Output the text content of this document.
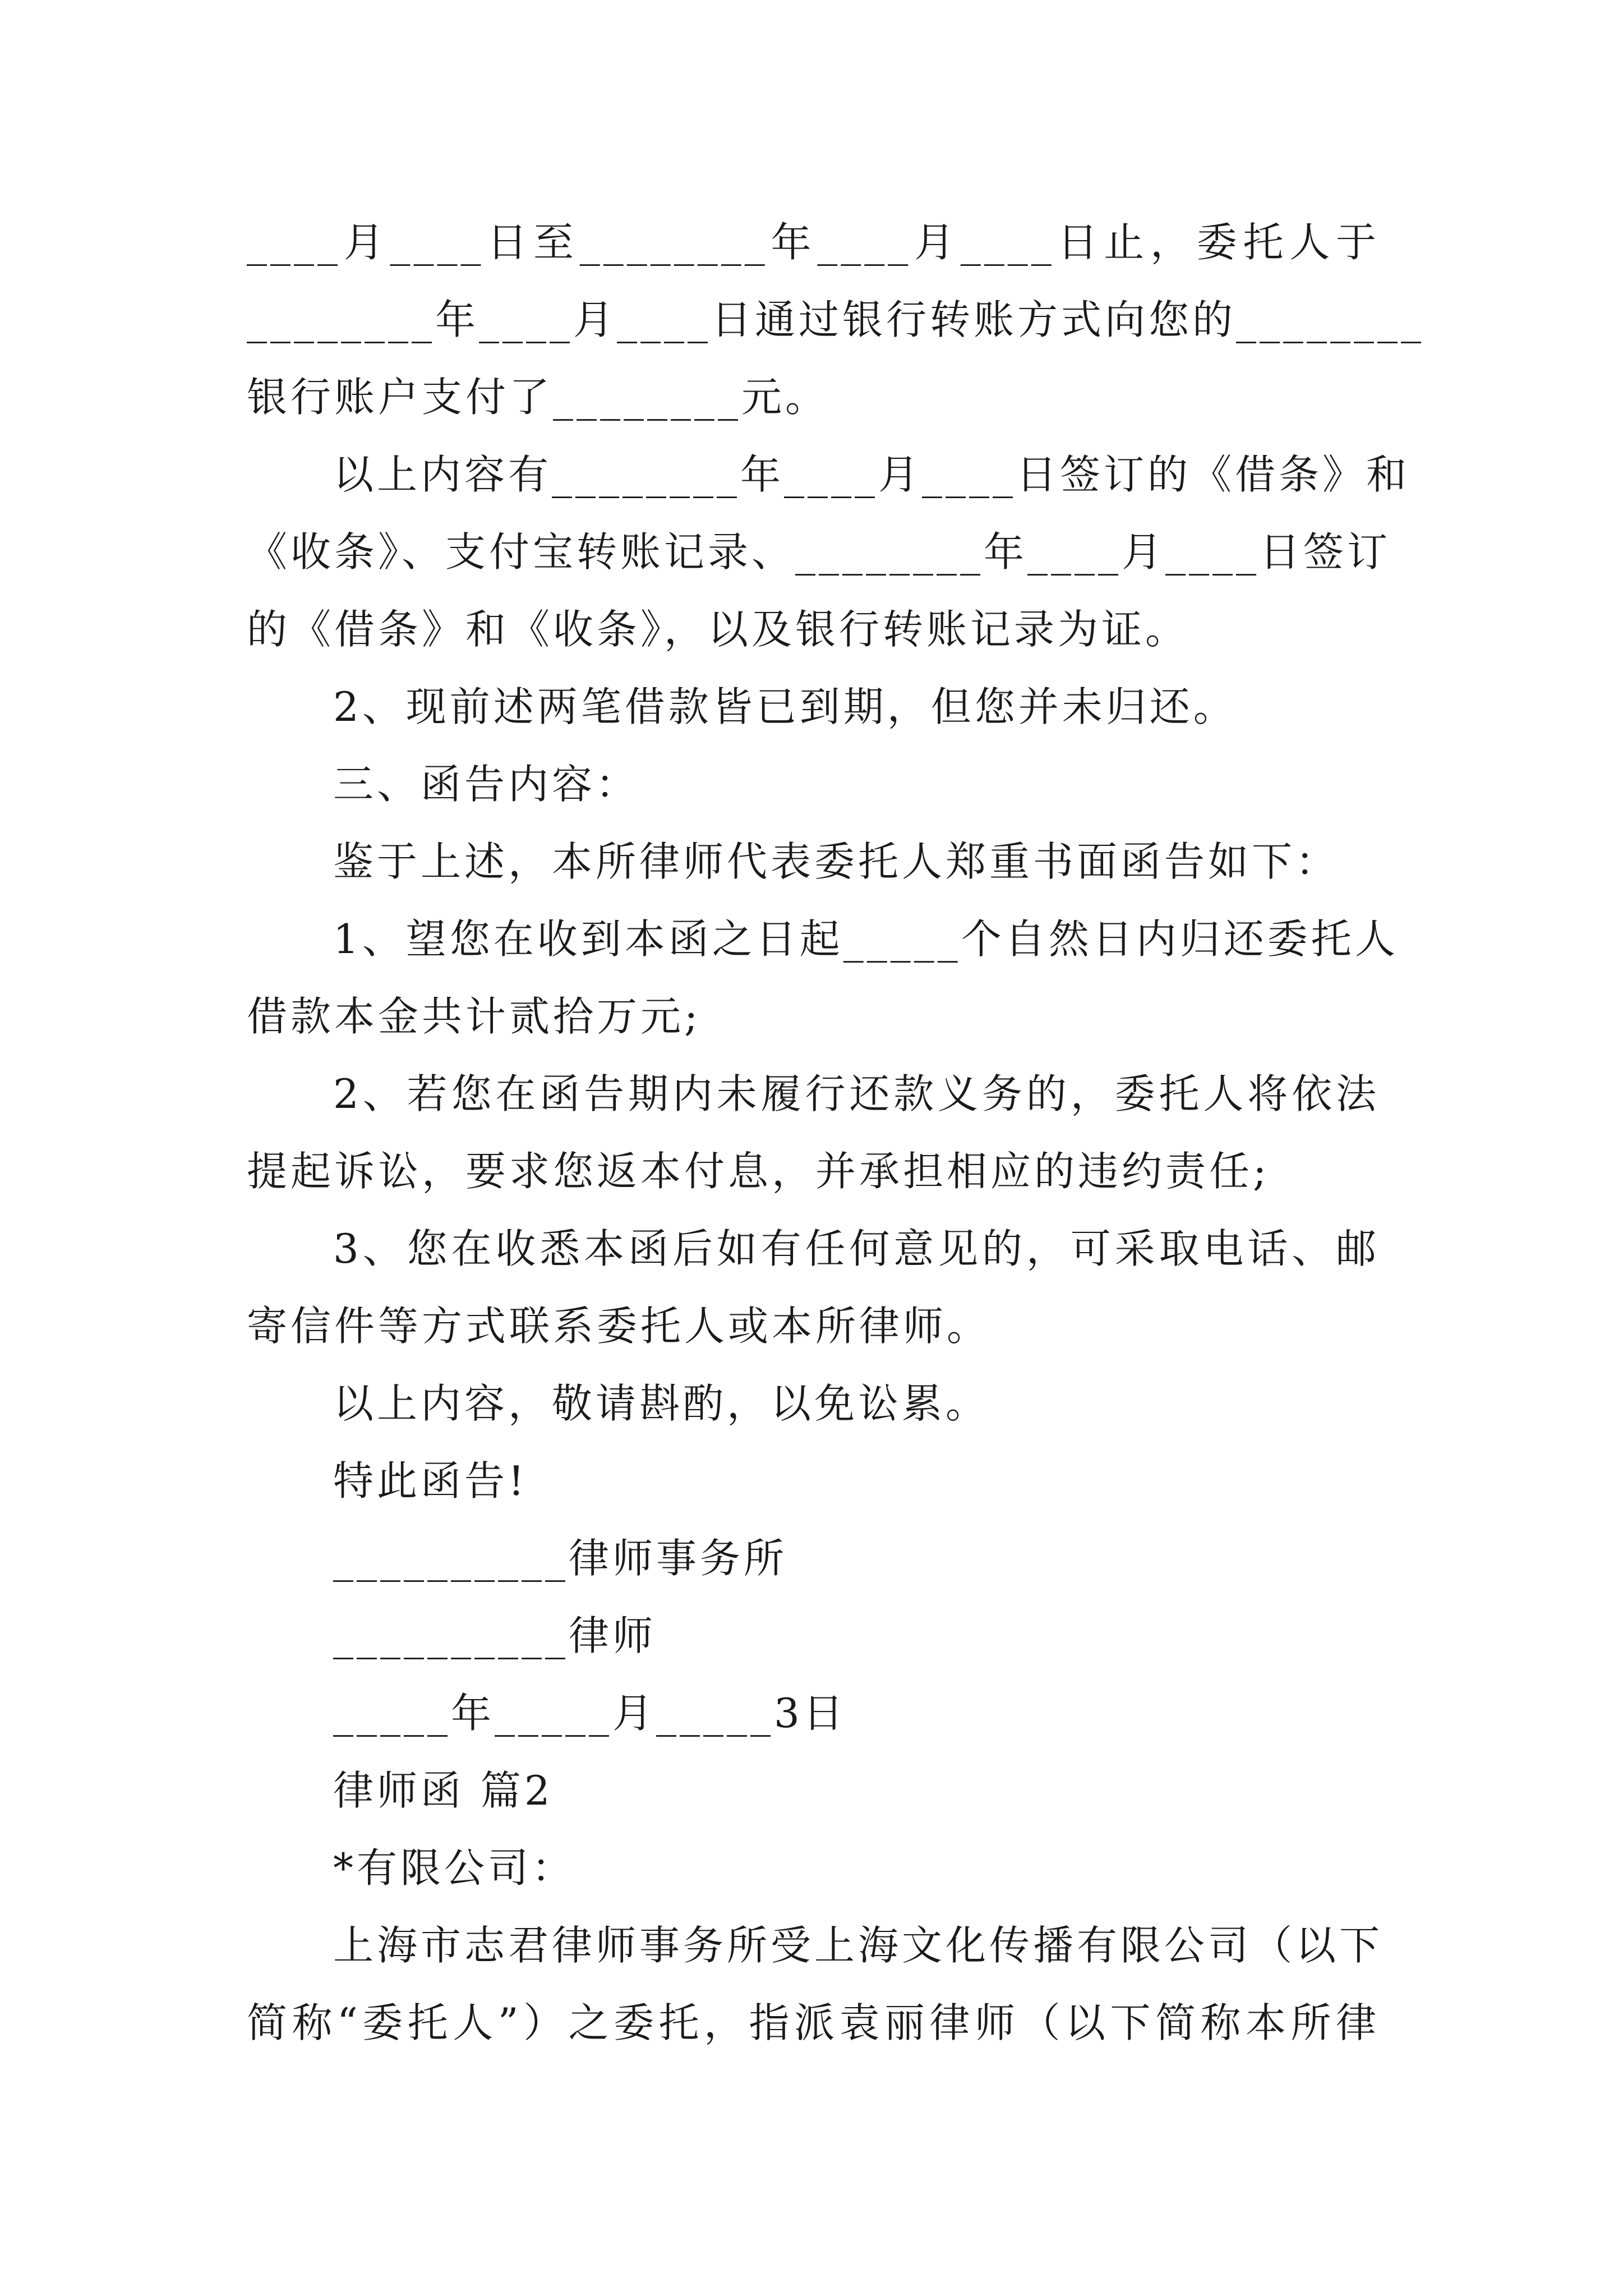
____月____日至________年____月____日止，委托人于
________年____月____日通过银行转账方式向您的________
银行账户支付了________元。
以上内容有________年____月____日签订的《借条》和
《收条》、支付宝转账记录、________年____月____日签订
的《借条》和《收条》，以及银行转账记录为证。
2、现前述两笔借款皆已到期，但您并未归还。
三、函告内容：
鉴于上述，本所律师代表委托人郑重书面函告如下：
1、望您在收到本函之日起_____个自然日内归还委托人
借款本金共计贰拾万元;
2、若您在函告期内未履行还款义务的，委托人将依法
提起诉讼，要求您返本付息，并承担相应的违约责任;
3、您在收悉本函后如有任何意见的，可采取电话、邮
寄信件等方式联系委托人或本所律师。
以上内容，敬请斟酌，以免讼累。
特此函告!
__________律师事务所
__________律师
_____年_____月_____3日
律师函 篇2
*有限公司：
上海市志君律师事务所受上海文化传播有限公司（以下
简称“委托人”）之委托，指派袁丽律师（以下简称本所律
